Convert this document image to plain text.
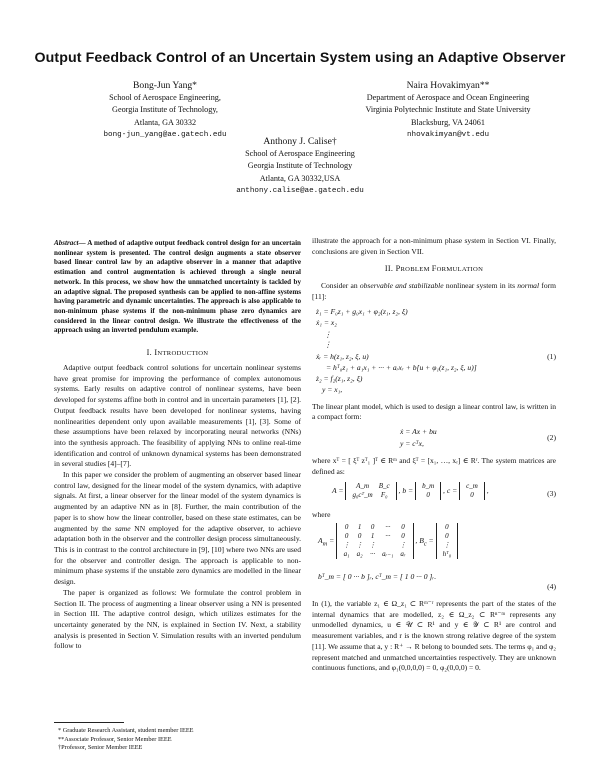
Output Feedback Control of an Uncertain System using an Adaptive Observer
Bong-Jun Yang*
School of Aerospace Engineering,
Georgia Institute of Technology,
Atlanta, GA 30332
bong-jun_yang@ae.gatech.edu
Naira Hovakimyan**
Department of Aerospace and Ocean Engineering
Virginia Polytechnic Institute and State University
Blacksburg, VA 24061
nhovakimyan@vt.edu
Anthony J. Calise†
School of Aerospace Engineering
Georgia Institute of Technology
Atlanta, GA 30332,USA
anthony.calise@ae.gatech.edu
Abstract— A method of adaptive output feedback control design for an uncertain nonlinear system is presented. The control design augments a state observer based linear control law by an adaptive observer in a manner that adaptive estimation and control augmentation is achieved through a single neural network. In this process, we show how the unmatched uncertainty is tackled by an adaptive signal. The proposed synthesis can be applied to non-affine systems having parametric and dynamic uncertainties. The approach is also applicable to non-minimum phase systems if the non-minimum phase zero dynamics are considered in the linear control design. We illustrate the effectiveness of the approach using an inverted pendulum example.
I. INTRODUCTION

Adaptive output feedback control solutions for uncertain nonlinear systems have great promise for improving the performance of complex autonomous systems. Early results on adaptive control of nonlinear systems, have been developed for systems affine both in control and in uncertain parameters [1], [2]. Output feedback results have been developed for nonlinear systems, having nonlinearities dependent only upon available measurements [1], [3]. Some of these assumptions have been relaxed by incorporating neural networks (NNs) into the synthesis approach. The feasibility of applying NNs to online real-time identification and control of unknown dynamical systems has been demonstrated in several studies [4]–[7].

In this paper we consider the problem of augmenting an observer based linear control law, designed for the linear model of the system dynamics, with adaptive signals. At first, a linear observer for the linear model of the system dynamics is augmented by an adaptive NN as in [8]. Further, the main contribution of the paper is to show how the linear controller, based on these state estimates, can be augmented by the same NN employed for the adaptive observer, to achieve adaptation both in the observer and the controller design process simultaneously. This is in contrast to the control architecture in [9], [10] where two NNs are used for the observer and controller design. The approach is applicable to non-minimum phase systems if the unstable zero dynamics are modelled in the linear design.

The paper is organized as follows: We formulate the control problem in Section II. The process of augmenting a linear observer using a NN is presented in Section III. The adaptive control design, which utilizes estimates for the uncertainty generated by the NN, is explained in Section IV. Next, a stability analysis is presented in Section V. Simulation results with an inverted pendulum follow to

* Graduate Research Assistant, student member IEEE
**Associate Professor, Senior Member IEEE
†Professor, Senior Member IEEE

illustrate the approach for a non-minimum phase system in Section VI. Finally, conclusions are given in Section VII.

II. PROBLEM FORMULATION

Consider an observable and stabilizable nonlinear system in its normal form [11]:

ż₁ = F₀z₁ + g₀x₁ + φ₂(z₁, z₂, ξ)
ẋ₁ = x₂
⋮
⋮
ẋᵣ = h(z₁, z₂, ξ, u)
= hᵀ₀z₁ + a₁x₁ + ··· + aᵣxᵣ + b[u + φ₁(z₁, z₂, ξ, u)]
ż₂ = f₂(z₁, z₂, ξ)
y = x₁,
(1)

The linear plant model, which is used to design a linear control law, is written in a compact form:

ẋ = Ax + bu
y = cᵀx,
(2)

where xᵀ = [ ξᵀ zᵀ₁ ]ᵀ ∈ Rᵐ and ξᵀ = [x₁, …, xᵣ] ∈ Rʳ. The system matrices are defined as:

A = A_m	B_c
g₀cᵀ_m	F₀
, b = b_m
0
, c = c_m
0
,	(3)

where

$A_m$ =
0	1	0	···	0
0	0	1	···	0
⋮	⋮	⋮		⋮
a₁	a₂	···	aᵣ₋₁	aᵣ
, $B_c$ =
0
0
⋮
hᵀ₀
bᵀ_m = [ 0 ··· b ]ᵣ, cᵀ_m = [ 1 0 ··· 0 ]ᵣ.
(4)

In (1), the variable z₁ ∈ Ω_z₁ ⊂ Rᵐ⁻ʳ represents the part of the states of the internal dynamics that are modelled, z₂ ∈ Ω_z₂ ⊂ Rⁿ⁻ᵐ represents any unmodelled dynamics, u ∈ 𝒰 ⊂ R¹ and y ∈ 𝒴 ⊂ R¹ are control and measurement variables, and r is the known strong relative degree of the system [11]. We assume that a, y : R⁺ → R belong to bounded sets. The terms φ₁ and φ₂ represent matched and unmatched uncertainties respectively. They are unknown continuous functions, and φ₁(0,0,0,0) = 0, φ₂(0,0,0) = 0.
